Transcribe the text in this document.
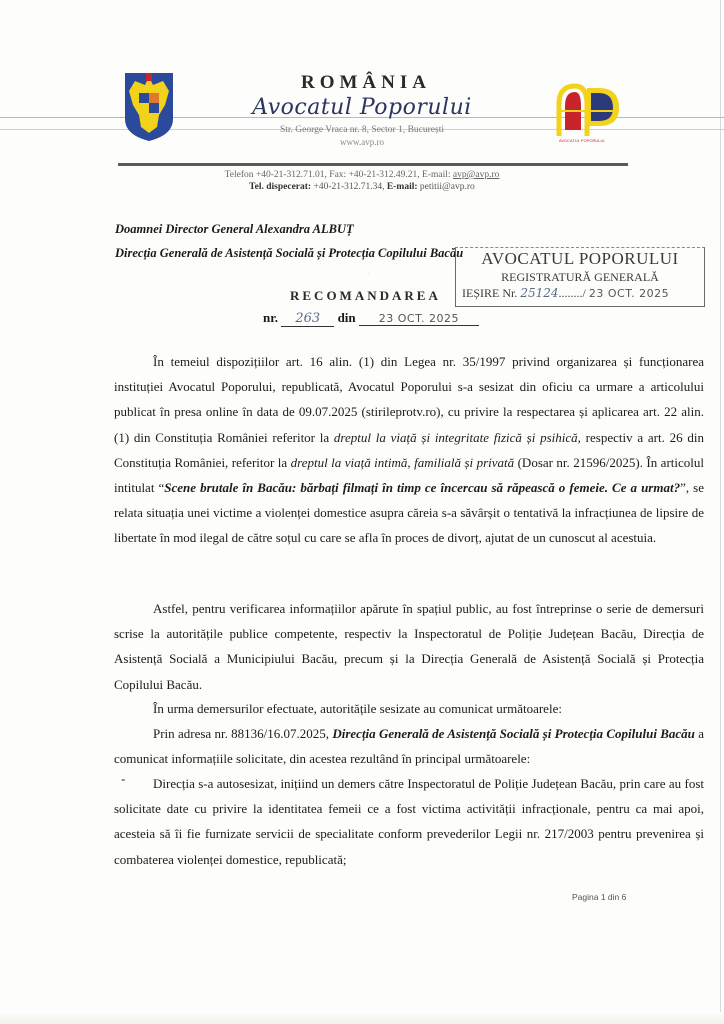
AVOCATUL POPORULUI
ROMÂNIA
Avocatul Poporului
Str. George Vraca nr. 8, Sector 1, București
www.avp.ro
Telefon +40-21-312.71.01, Fax: +40-21-312.49.21, E-mail: avp@avp.ro
Tel. dispecerat: +40-21-312.71.34, E-mail: petitii@avp.ro
Doamnei Director General Alexandra ALBUȚ
Direcția Generală de Asistență Socială și Protecția Copilului Bacău	AVOCATUL POPORULUI
REGISTRATURĂ GENERALĂ
IEȘIRE Nr. 25124......../ 23 OCT. 2025
·
RECOMANDAREA
nr. 263 din 23 OCT. 2025

În temeiul dispozițiilor art. 16 alin. (1) din Legea nr. 35/1997 privind organizarea și funcționarea instituției Avocatul Poporului, republicată, Avocatul Poporului s-a sesizat din oficiu ca urmare a articolului publicat în presa online în data de 09.07.2025 (stirileprotv.ro), cu privire la respectarea și aplicarea art. 22 alin. (1) din Constituția României referitor la dreptul la viață și integritate fizică și psihică, respectiv a art. 26 din Constituția României, referitor la dreptul la viață intimă, familială și privată (Dosar nr. 21596/2025). În articolul intitulat “Scene brutale în Bacău: bărbați filmați în timp ce încercau să răpească o femeie. Ce a urmat?”, se relata situația unei victime a violenței domestice asupra căreia s-a săvârșit o tentativă la infracțiunea de lipsire de libertate în mod ilegal de către soțul cu care se afla în proces de divorț, ajutat de un cunoscut al acestuia.

Astfel, pentru verificarea informațiilor apărute în spațiul public, au fost întreprinse o serie de demersuri scrise la autoritățile publice competente, respectiv la Inspectoratul de Poliție Județean Bacău, Direcția de Asistență Socială a Municipiului Bacău, precum și la Direcția Generală de Asistență Socială și Protecția Copilului Bacău.

În urma demersurilor efectuate, autoritățile sesizate au comunicat următoarele:

Prin adresa nr. 88136/16.07.2025, Direcția Generală de Asistență Socială și Protecția Copilului Bacău a comunicat informațiile solicitate, din acestea rezultând în principal următoarele:

-	Direcția s-a autosesizat, inițiind un demers către Inspectoratul de Poliție Județean Bacău, prin care au fost solicitate date cu privire la identitatea femeii ce a fost victima activității infracționale, pentru ca mai apoi, acesteia să îi fie furnizate servicii de specialitate conform prevederilor Legii nr. 217/2003 pentru prevenirea și combaterea violenței domestice, republicată;

Pagina 1 din 6
